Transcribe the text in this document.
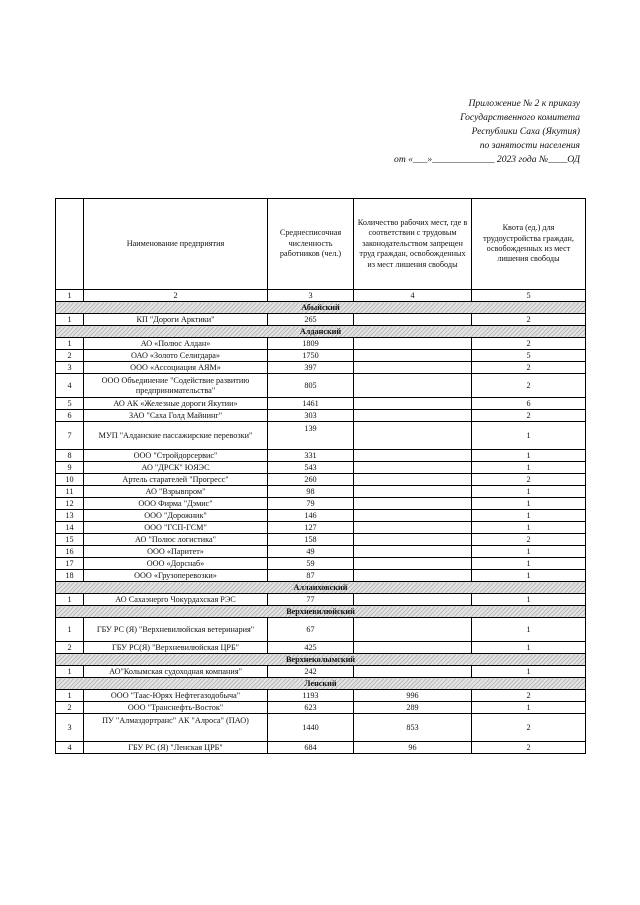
Приложение № 2 к приказу
Государственного комитета
Республики Саха (Якутия)
по занятости населения
от «___»_____________ 2023 года №____ОД
	Наименование предприятия	Среднесписочная численность работников (чел.)	Количество рабочих мест, где в соответствии с трудовым законодательством запрещен труд граждан, освобожденных из мест лишения свободы	Квота (ед.) для трудоустройства граждан, освобожденных из мест лишения свободы
1	2	3	4	5
Абыйский				
1	КП "Дороги Арктики"	265		2
Алданский				
1	АО «Полюс Алдан»	1809		2
2	ОАО «Золото Селигдара»	1750		5
3	ООО «Ассоциация АЯМ»	397		2
4	ООО Объединение "Содействие развитию предпринимательства"	805		2
5	АО АК «Железные дороги Якутии»	1461		6
6	ЗАО "Саха Голд Майнинг"	303		2
7	МУП "Алданские пассажирские перевозки"	139		1
8	ООО "Стройдорсервис"	331		1
9	АО "ДРСК" ЮЯЭС	543		1
10	Артель старателей "Прогресс"	260		2
11	АО "Взрывпром"	98		1
12	ООО Фирма "Дэмис"	79		1
13	ООО "Дорожник"	146		1
14	ООО "ГСП-ГСМ"	127		1
15	АО "Полюс логистика"	158		2
16	ООО «Паритет»	49		1
17	ООО «Дорснаб»	59		1
18	ООО «Грузоперевозки»	87		1
Аллаиховский				
1	АО Сахаэнерго Чокурдахская РЭС	77		1
Верхневилюйский				
1	ГБУ РС (Я) "Верхневилюйская ветеринария"	67		1
2	ГБУ РС(Я) "Верхневилюйская ЦРБ"	425		1
Верхнеколымский				
1	АО"Колымская судоходная компания"	242		1
Ленский				
1	ООО "Таас-Юрях Нефтегазодобыча"	1193	996	2
2	ООО "Транснефть-Восток"	623	289	1
3	ПУ "Алмаздортранс" АК "Алроса" (ПАО)	1440	853	2
4	ГБУ РС (Я) "Ленская ЦРБ"	684	96	2
